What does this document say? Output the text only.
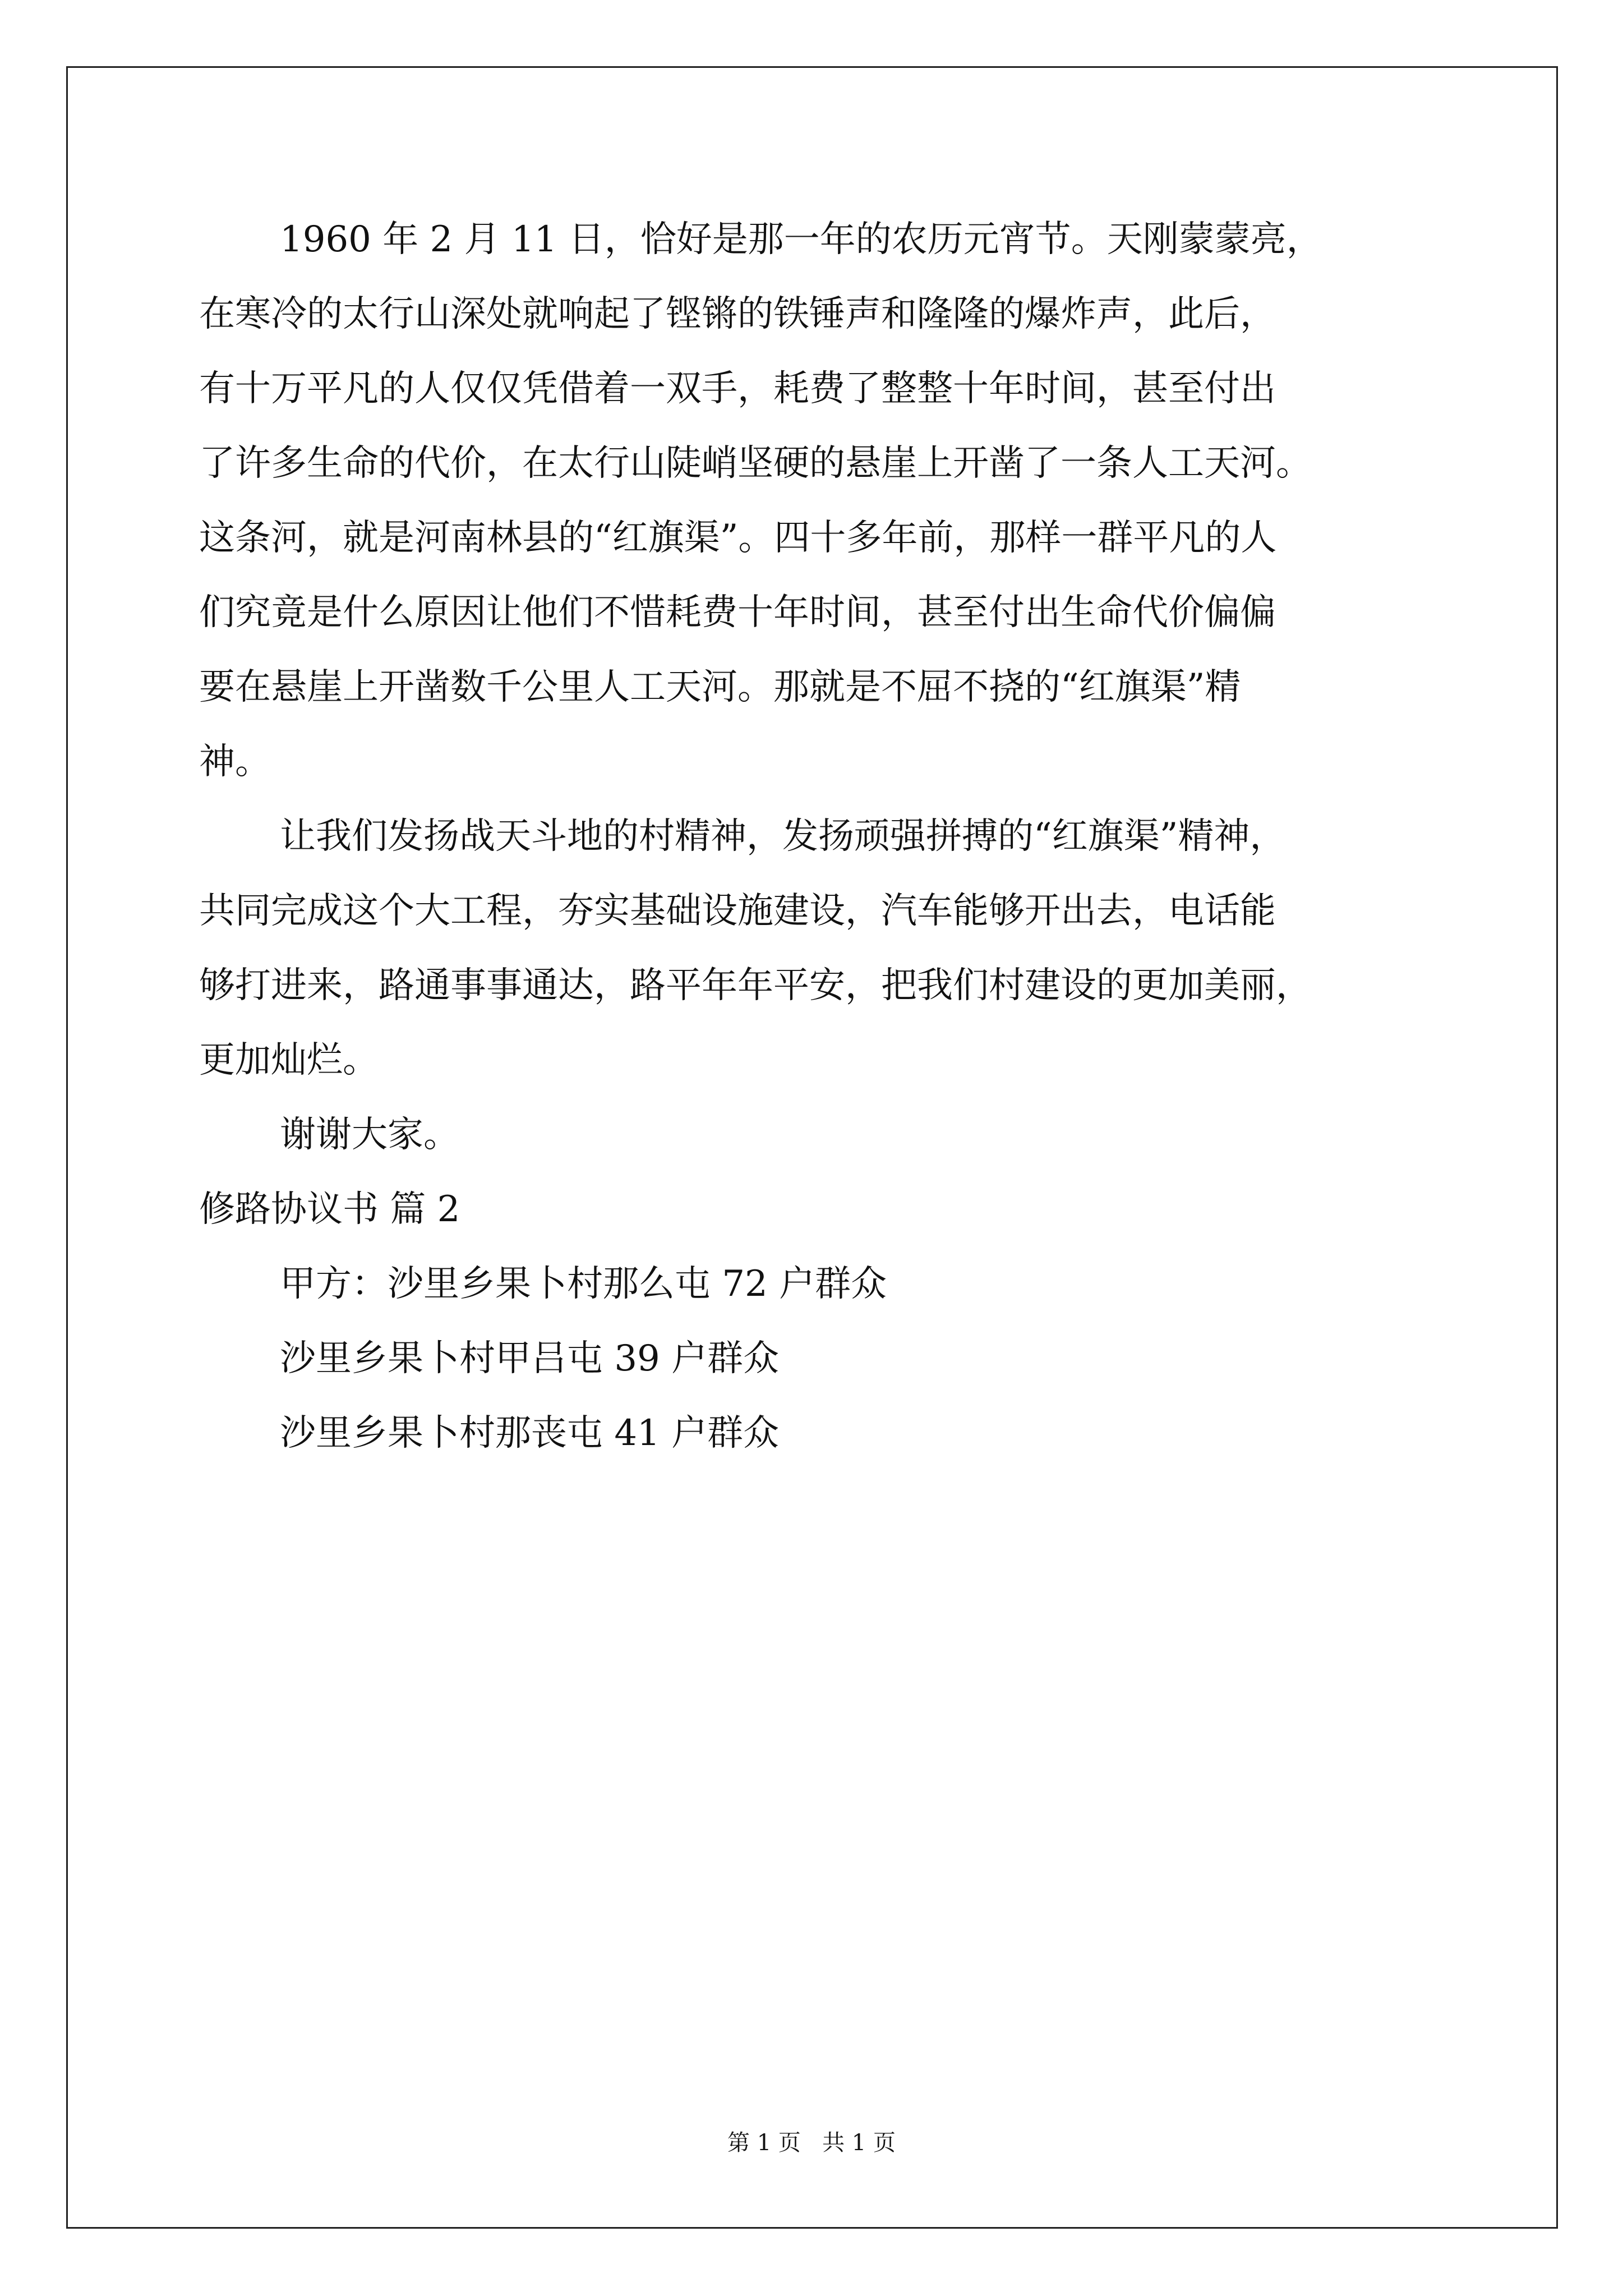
1960 年 2 月 11 日，恰好是那一年的农历元宵节。天刚蒙蒙亮，

在寒冷的太行山深处就响起了铿锵的铁锤声和隆隆的爆炸声，此后，

有十万平凡的人仅仅凭借着一双手，耗费了整整十年时间，甚至付出

了许多生命的代价，在太行山陡峭坚硬的悬崖上开凿了一条人工天河。

这条河，就是河南林县的“红旗渠”。四十多年前，那样一群平凡的人

们究竟是什么原因让他们不惜耗费十年时间，甚至付出生命代价偏偏

要在悬崖上开凿数千公里人工天河。那就是不屈不挠的“红旗渠”精

神。

让我们发扬战天斗地的村精神，发扬顽强拼搏的“红旗渠”精神，

共同完成这个大工程，夯实基础设施建设，汽车能够开出去，电话能

够打进来，路通事事通达，路平年年平安，把我们村建设的更加美丽，

更加灿烂。

谢谢大家。

修路协议书 篇 2

甲方：沙里乡果卜村那么屯 72 户群众

沙里乡果卜村甲吕屯 39 户群众

沙里乡果卜村那丧屯 41 户群众

第 1 页   共 1 页
